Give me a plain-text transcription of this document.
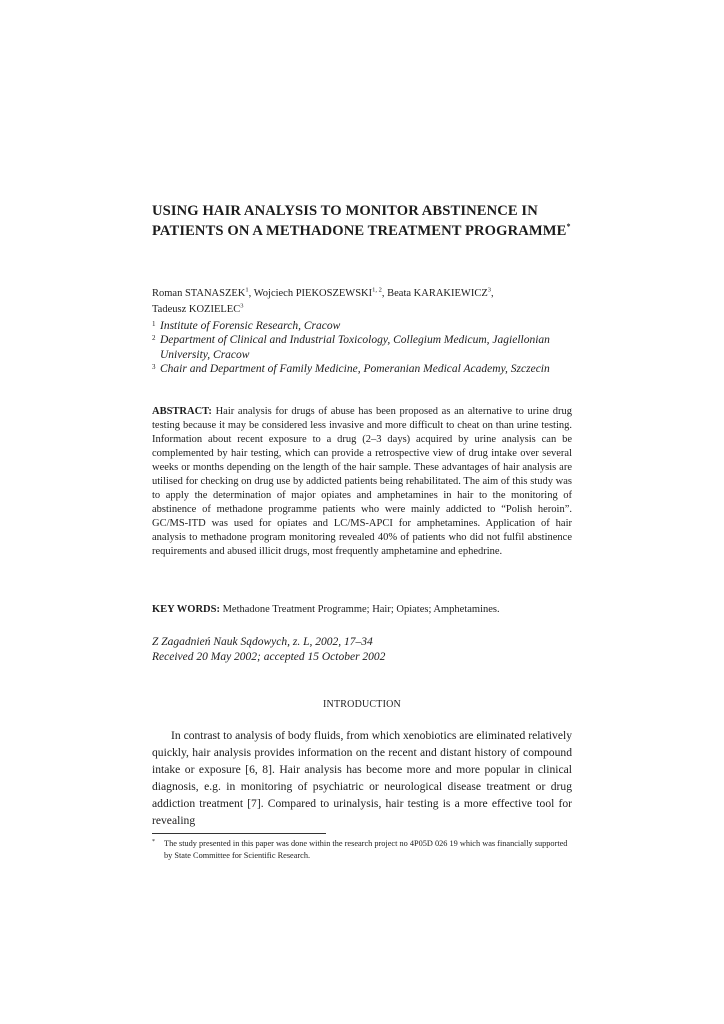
USING HAIR ANALYSIS TO MONITOR ABSTINENCE IN PATIENTS ON A METHADONE TREATMENT PROGRAMME*
Roman STANASZEK$^1$, Wojciech PIEKOSZEWSKI$^{1, 2}$, Beata KARAKIEWICZ$^3$,
Tadeusz KOZIELEC$^3$
1 Institute of Forensic Research, Cracow
2 Department of Clinical and Industrial Toxicology, Collegium Medicum, Jagiellonian University, Cracow
3 Chair and Department of Family Medicine, Pomeranian Medical Academy, Szczecin
ABSTRACT: Hair analysis for drugs of abuse has been proposed as an alternative to urine drug testing because it may be considered less invasive and more difficult to cheat on than urine testing. Information about recent exposure to a drug (2–3 days) acquired by urine analysis can be complemented by hair testing, which can provide a retrospective view of drug intake over several weeks or months depending on the length of the hair sample. These advantages of hair analysis are utilised for checking on drug use by addicted patients being rehabilitated. The aim of this study was to apply the determination of major opiates and amphetamines in hair to the monitoring of abstinence of methadone programme patients who were mainly addicted to “Polish heroin”. GC/MS-ITD was used for opiates and LC/MS-APCI for amphetamines. Application of hair analysis to methadone program monitoring revealed 40% of patients who did not fulfil abstinence requirements and abused illicit drugs, most frequently amphetamine and ephedrine.
KEY WORDS: Methadone Treatment Programme; Hair; Opiates; Amphetamines.
Z Zagadnień Nauk Sądowych, z. L, 2002, 17–34
Received 20 May 2002; accepted 15 October 2002
INTRODUCTION

In contrast to analysis of body fluids, from which xenobiotics are eliminated relatively quickly, hair analysis provides information on the recent and distant history of compound intake or exposure [6, 8]. Hair analysis has become more and more popular in clinical diagnosis, e.g. in monitoring of psychiatric or neurological disease treatment or drug addiction treatment [7]. Compared to urinalysis, hair testing is a more effective tool for revealing

*	The study presented in this paper was done within the research project no 4P05D 026 19 which was financially supported by State Committee for Scientific Research.
